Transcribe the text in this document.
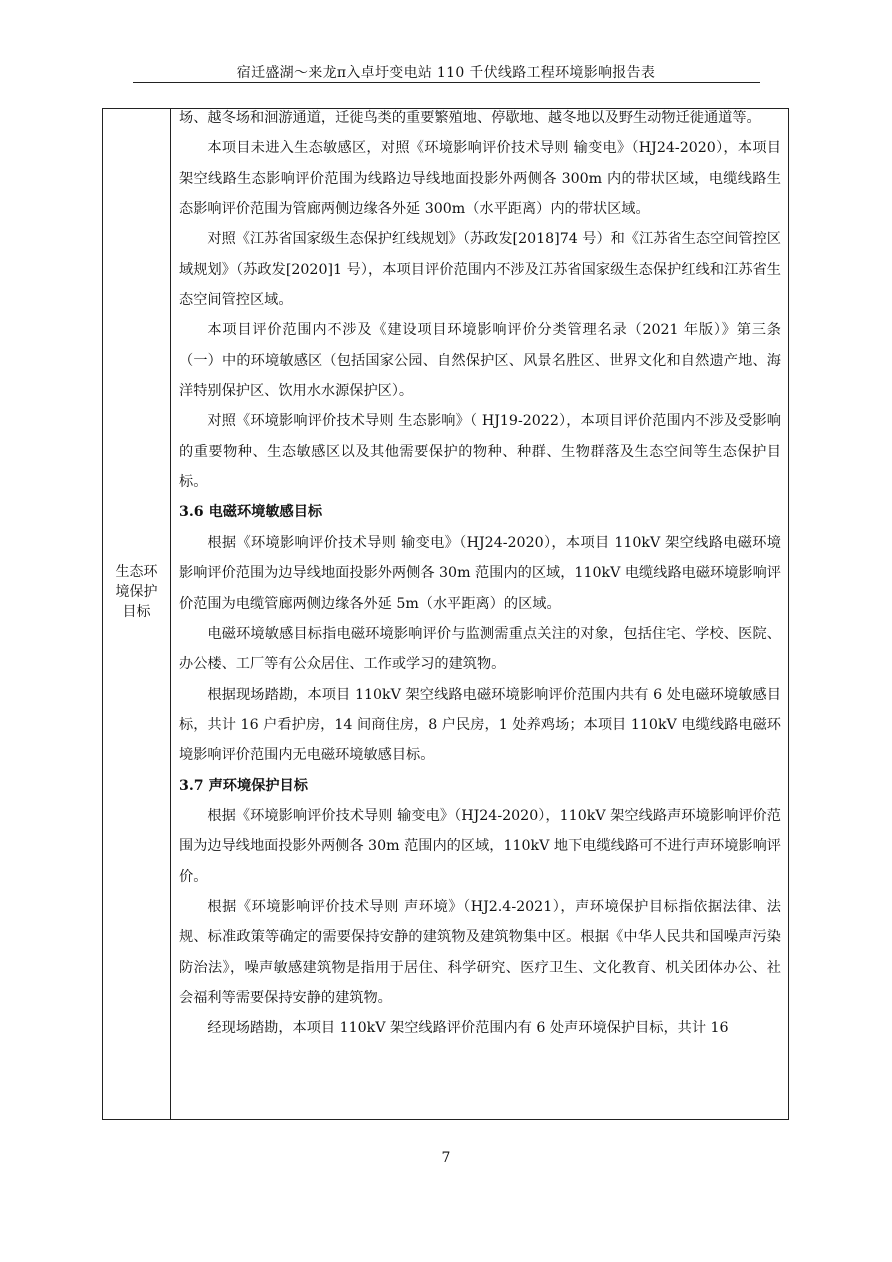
宿迁盛湖～来龙π入卓圩变电站 110 千伏线路工程环境影响报告表
生态环
境保护
目标

场、越冬场和洄游通道，迁徙鸟类的重要繁殖地、停歇地、越冬地以及野生动物迁徙通道等。

本项目未进入生态敏感区，对照《环境影响评价技术导则 输变电》（HJ24-2020），本项目架空线路生态影响评价范围为线路边导线地面投影外两侧各 300m 内的带状区域，电缆线路生态影响评价范围为管廊两侧边缘各外延 300m（水平距离）内的带状区域。

对照《江苏省国家级生态保护红线规划》（苏政发[2018]74 号）和《江苏省生态空间管控区域规划》（苏政发[2020]1 号），本项目评价范围内不涉及江苏省国家级生态保护红线和江苏省生态空间管控区域。

本项目评价范围内不涉及《建设项目环境影响评价分类管理名录（2021 年版）》第三条（一）中的环境敏感区（包括国家公园、自然保护区、风景名胜区、世界文化和自然遗产地、海洋特别保护区、饮用水水源保护区）。

对照《环境影响评价技术导则 生态影响》（ HJ19-2022），本项目评价范围内不涉及受影响的重要物种、生态敏感区以及其他需要保护的物种、种群、生物群落及生态空间等生态保护目标。

3.6 电磁环境敏感目标

根据《环境影响评价技术导则 输变电》（HJ24-2020），本项目 110kV 架空线路电磁环境影响评价范围为边导线地面投影外两侧各 30m 范围内的区域，110kV 电缆线路电磁环境影响评价范围为电缆管廊两侧边缘各外延 5m（水平距离）的区域。

电磁环境敏感目标指电磁环境影响评价与监测需重点关注的对象，包括住宅、学校、医院、办公楼、工厂等有公众居住、工作或学习的建筑物。

根据现场踏勘，本项目 110kV 架空线路电磁环境影响评价范围内共有 6 处电磁环境敏感目标，共计 16 户看护房，14 间商住房，8 户民房，1 处养鸡场；本项目 110kV 电缆线路电磁环境影响评价范围内无电磁环境敏感目标。

3.7 声环境保护目标

根据《环境影响评价技术导则 输变电》（HJ24-2020），110kV 架空线路声环境影响评价范围为边导线地面投影外两侧各 30m 范围内的区域，110kV 地下电缆线路可不进行声环境影响评价。

根据《环境影响评价技术导则 声环境》（HJ2.4-2021），声环境保护目标指依据法律、法规、标准政策等确定的需要保持安静的建筑物及建筑物集中区。根据《中华人民共和国噪声污染防治法》，噪声敏感建筑物是指用于居住、科学研究、医疗卫生、文化教育、机关团体办公、社会福利等需要保持安静的建筑物。

经现场踏勘，本项目 110kV 架空线路评价范围内有 6 处声环境保护目标，共计 16

7
